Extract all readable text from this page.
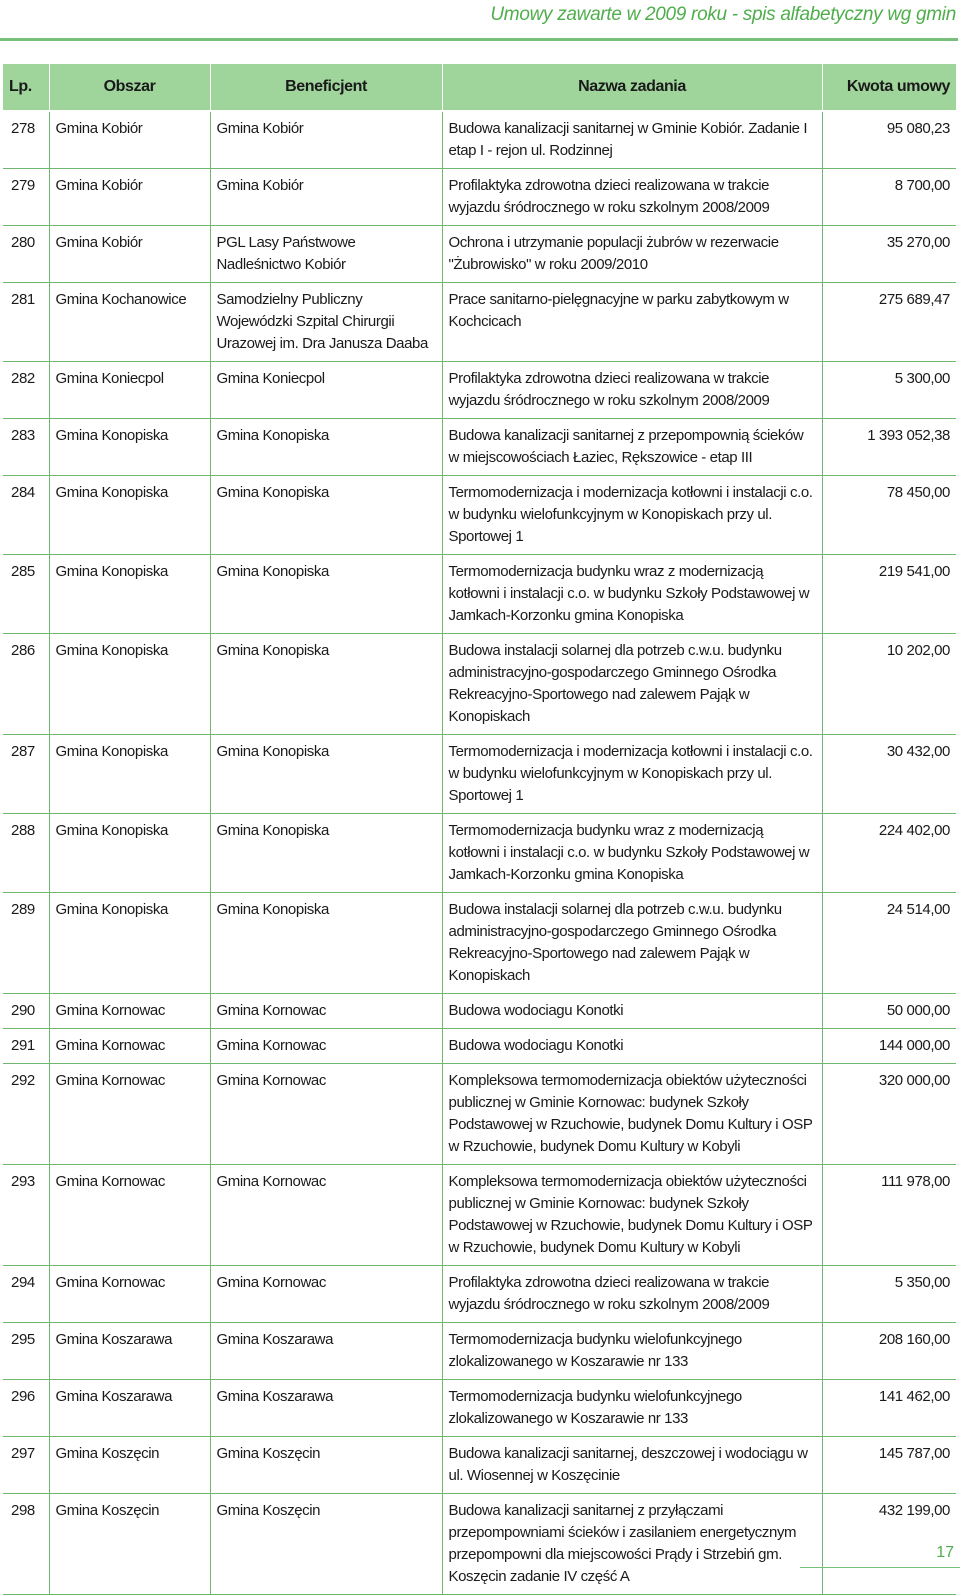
Umowy zawarte w 2009 roku - spis alfabetyczny wg gmin
Lp.	Obszar	Beneficjent	Nazwa zadania	Kwota umowy
278	Gmina Kobiór	Gmina Kobiór	Budowa kanalizacji sanitarnej w Gminie Kobiór. Zadanie I etap I - rejon ul. Rodzinnej	95 080,23
279	Gmina Kobiór	Gmina Kobiór	Profilaktyka zdrowotna dzieci realizowana w trakcie wyjazdu śródrocznego w roku szkolnym 2008/2009	8 700,00
280	Gmina Kobiór	PGL Lasy Państwowe Nadleśnictwo Kobiór	Ochrona i utrzymanie populacji żubrów w rezerwacie "Żubrowisko" w roku 2009/2010	35 270,00
281	Gmina Kochanowice	Samodzielny Publiczny Wojewódzki Szpital Chirurgii Urazowej im. Dra Janusza Daaba	Prace sanitarno-pielęgnacyjne w parku zabytkowym w Kochcicach	275 689,47
282	Gmina Koniecpol	Gmina Koniecpol	Profilaktyka zdrowotna dzieci realizowana w trakcie wyjazdu śródrocznego w roku szkolnym 2008/2009	5 300,00
283	Gmina Konopiska	Gmina Konopiska	Budowa kanalizacji sanitarnej z przepompownią ścieków w miejscowościach Łaziec, Rększowice - etap III	1 393 052,38
284	Gmina Konopiska	Gmina Konopiska	Termomodernizacja i modernizacja kotłowni i instalacji c.o. w budynku wielofunkcyjnym w Konopiskach przy ul. Sportowej 1	78 450,00
285	Gmina Konopiska	Gmina Konopiska	Termomodernizacja budynku wraz z modernizacją kotłowni i instalacji c.o. w budynku Szkoły Podstawowej w Jamkach-Korzonku gmina Konopiska	219 541,00
286	Gmina Konopiska	Gmina Konopiska	Budowa instalacji solarnej dla potrzeb c.w.u. budynku administracyjno-gospodarczego Gminnego Ośrodka Rekreacyjno-Sportowego nad zalewem Pająk w Konopiskach	10 202,00
287	Gmina Konopiska	Gmina Konopiska	Termomodernizacja i modernizacja kotłowni i instalacji c.o. w budynku wielofunkcyjnym w Konopiskach przy ul. Sportowej 1	30 432,00
288	Gmina Konopiska	Gmina Konopiska	Termomodernizacja budynku wraz z modernizacją kotłowni i instalacji c.o. w budynku Szkoły Podstawowej w Jamkach-Korzonku gmina Konopiska	224 402,00
289	Gmina Konopiska	Gmina Konopiska	Budowa instalacji solarnej dla potrzeb c.w.u. budynku administracyjno-gospodarczego Gminnego Ośrodka Rekreacyjno-Sportowego nad zalewem Pająk w Konopiskach	24 514,00
290	Gmina Kornowac	Gmina Kornowac	Budowa wodociagu Konotki	50 000,00
291	Gmina Kornowac	Gmina Kornowac	Budowa wodociagu Konotki	144 000,00
292	Gmina Kornowac	Gmina Kornowac	Kompleksowa termomodernizacja obiektów użyteczności publicznej w Gminie Kornowac: budynek Szkoły Podstawowej w Rzuchowie, budynek Domu Kultury i OSP w Rzuchowie, budynek Domu Kultury w Kobyli	320 000,00
293	Gmina Kornowac	Gmina Kornowac	Kompleksowa termomodernizacja obiektów użyteczności publicznej w Gminie Kornowac: budynek Szkoły Podstawowej w Rzuchowie, budynek Domu Kultury i OSP w Rzuchowie, budynek Domu Kultury w Kobyli	111 978,00
294	Gmina Kornowac	Gmina Kornowac	Profilaktyka zdrowotna dzieci realizowana w trakcie wyjazdu śródrocznego w roku szkolnym 2008/2009	5 350,00
295	Gmina Koszarawa	Gmina Koszarawa	Termomodernizacja budynku wielofunkcyjnego zlokalizowanego w Koszarawie nr 133	208 160,00
296	Gmina Koszarawa	Gmina Koszarawa	Termomodernizacja budynku wielofunkcyjnego zlokalizowanego w Koszarawie nr 133	141 462,00
297	Gmina Koszęcin	Gmina Koszęcin	Budowa kanalizacji sanitarnej, deszczowej i wodociągu w ul. Wiosennej w Koszęcinie	145 787,00
298	Gmina Koszęcin	Gmina Koszęcin	Budowa kanalizacji sanitarnej z przyłączami przepompowniami ścieków i zasilaniem energetycznym przepompowni dla miejscowości Prądy i Strzebiń gm. Koszęcin zadanie IV część A	432 199,00
17
